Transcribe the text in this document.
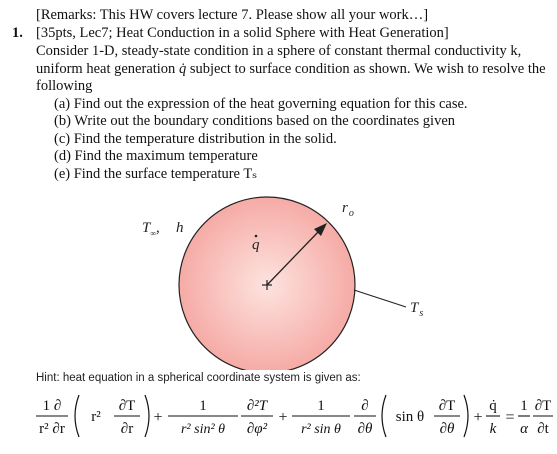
[Remarks: This HW covers lecture 7. Please show all your work…]
1. [35pts, Lec7; Heat Conduction in a solid Sphere with Heat Generation]
Consider 1-D, steady-state condition in a sphere of constant thermal conductivity k,
uniform heat generation q̇ subject to surface condition as shown. We wish to resolve the
following
(a) Find out the expression of the heat governing equation for this case.
(b) Write out the boundary conditions based on the coordinates given
(c) Find the temperature distribution in the solid.
(d) Find the maximum temperature
(e) Find the surface temperature Tₛ
$T_\infty$, h
q
$r_o$
$T_s$
Hint: heat equation in a spherical coordinate system is given as:
1 ∂
r² ∂r
r²
∂T
∂r
+
1
r² sin² θ
∂²T
∂φ²
+
1
r² sin θ
∂
∂θ
sin θ
∂T
∂θ
+
q̇
k
=
1
α
∂T
∂t
